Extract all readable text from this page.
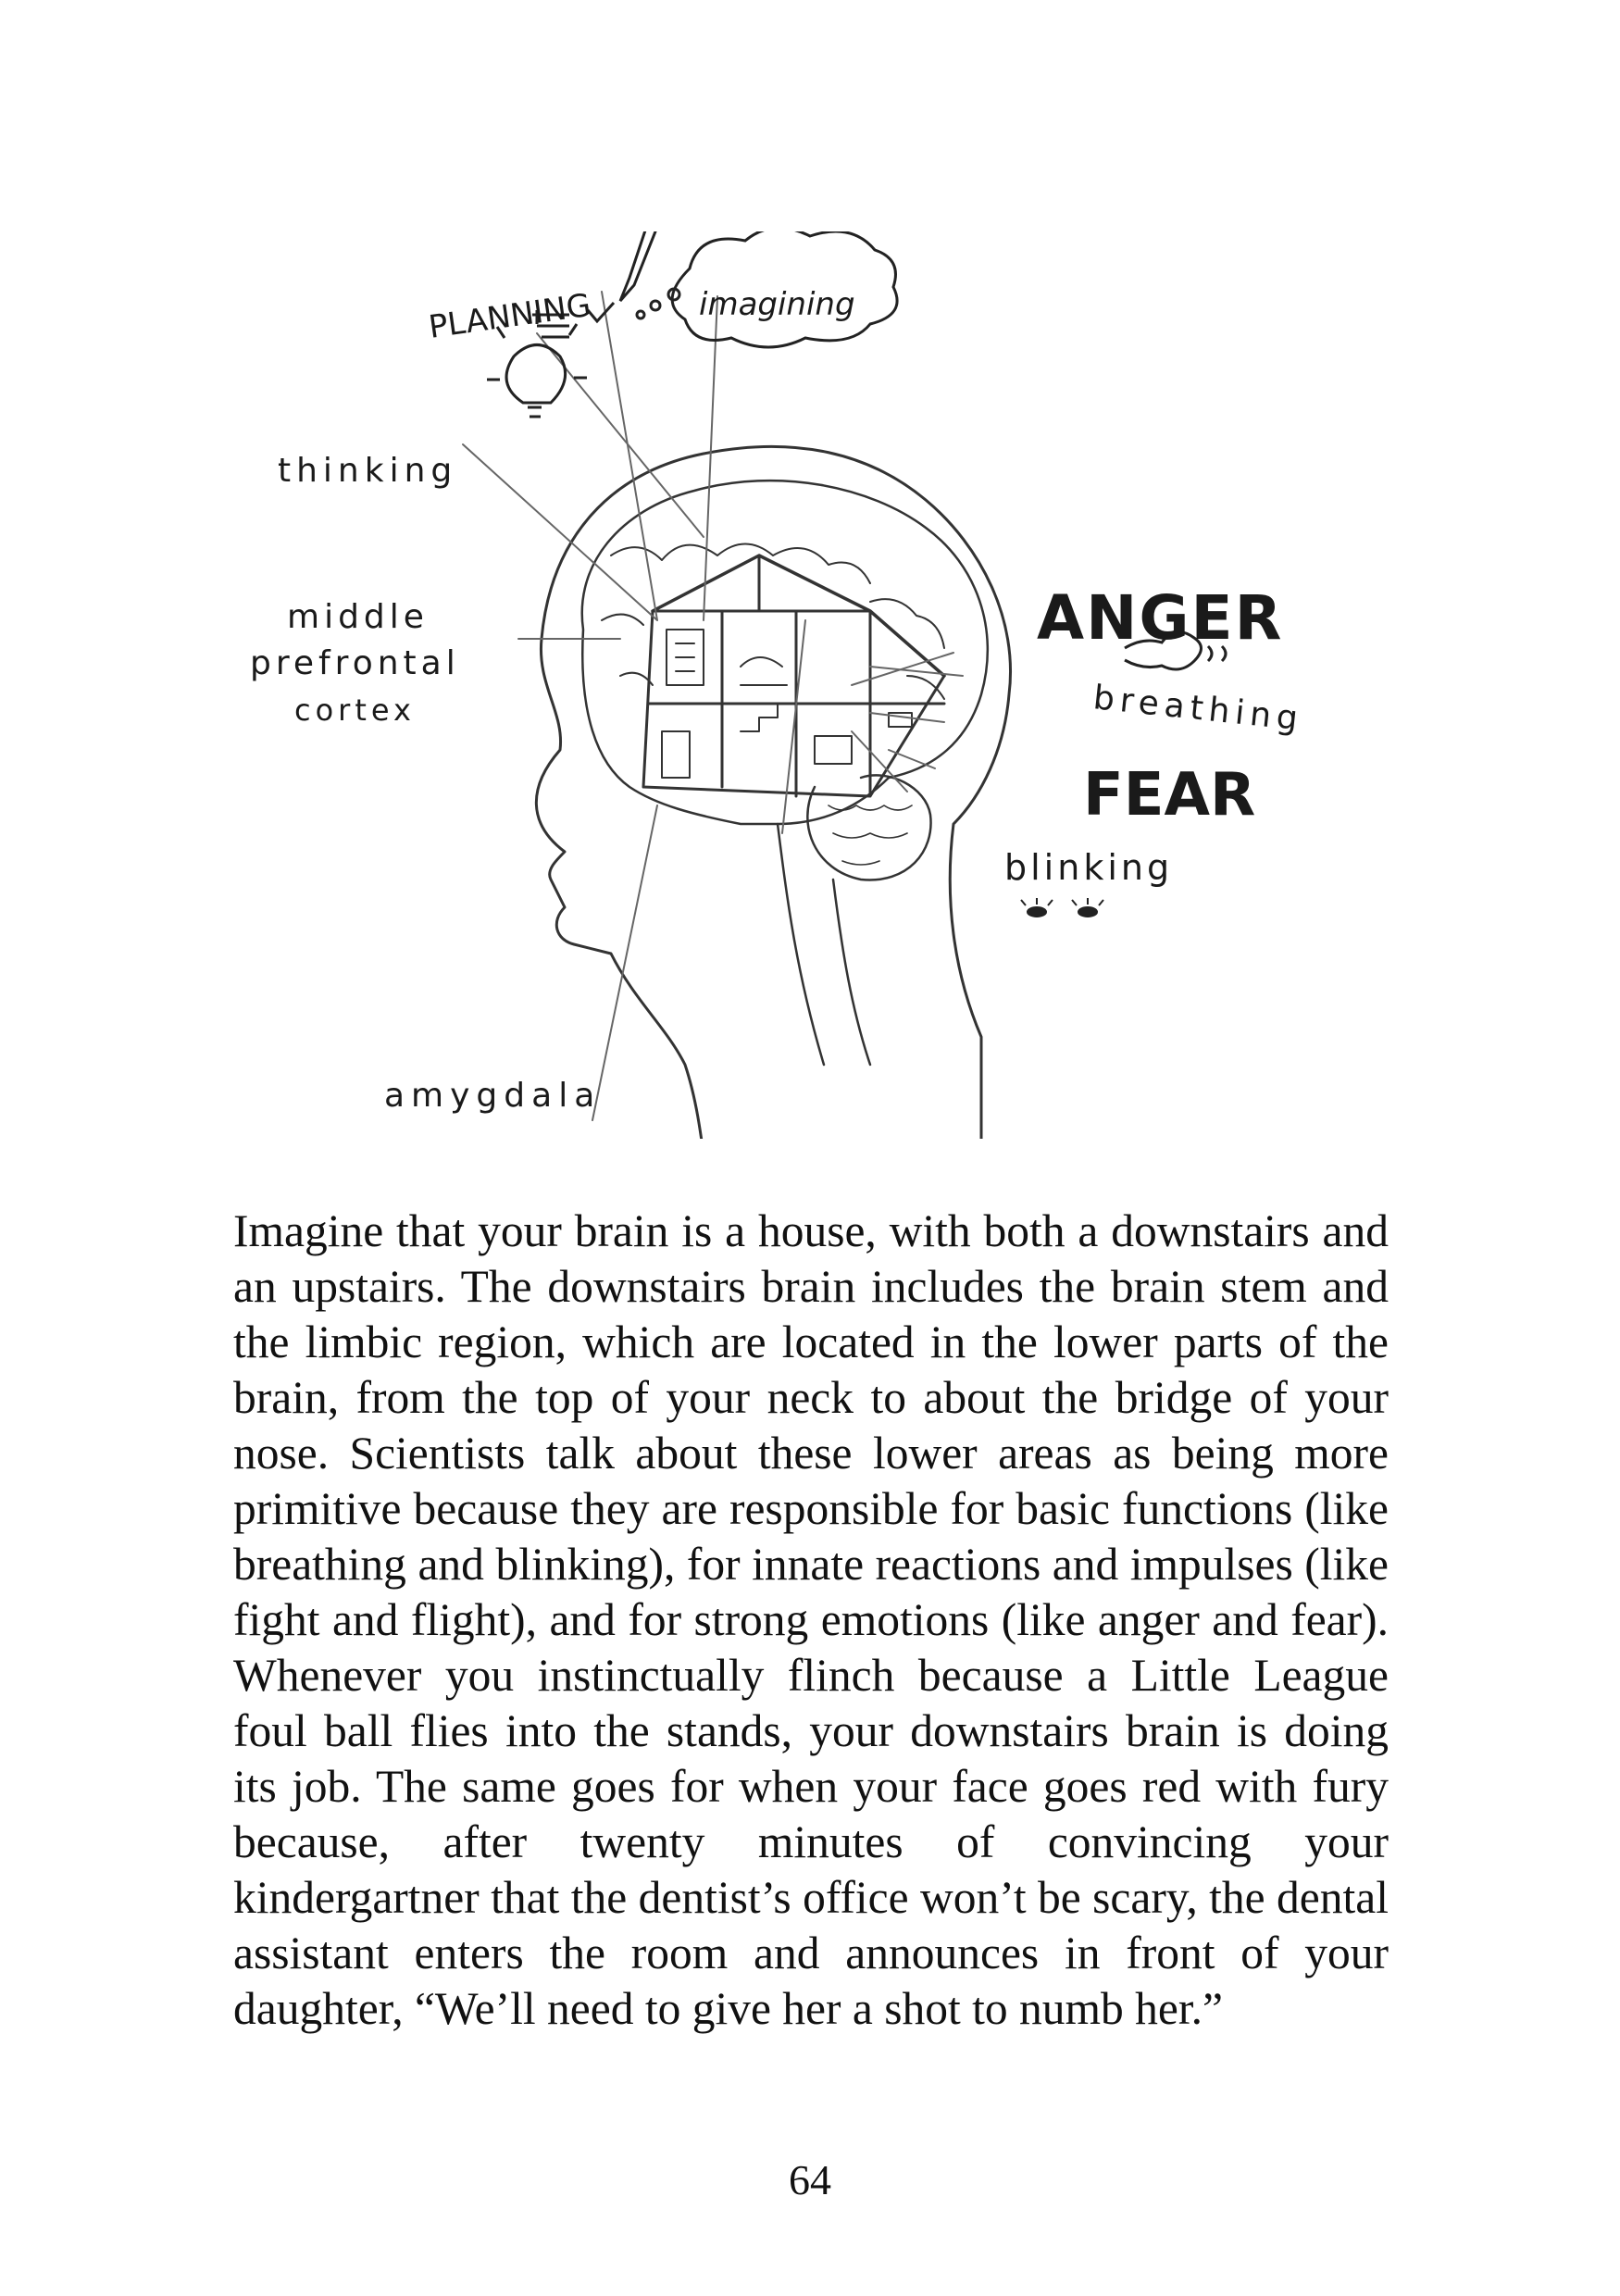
PLANNING	imagining
thinking
middle
prefrontal
cortex
ANGER
breathing
FEAR
blinking
amygdala

Imagine that your brain is a house, with both a downstairs and an upstairs. The downstairs brain includes the brain stem and the limbic region, which are located in the lower parts of the brain, from the top of your neck to about the bridge of your nose. Scientists talk about these lower areas as being more primitive because they are responsible for basic functions (like breathing and blinking), for innate reactions and impulses (like fight and flight), and for strong emotions (like anger and fear). Whenever you instinctually flinch because a Little League foul ball flies into the stands, your downstairs brain is doing its job. The same goes for when your face goes red with fury because, after twenty minutes of convincing your kindergartner that the dentist’s office won’t be scary, the dental assistant enters the room and announces in front of your daughter, “We’ll need to give her a shot to numb her.”

64
